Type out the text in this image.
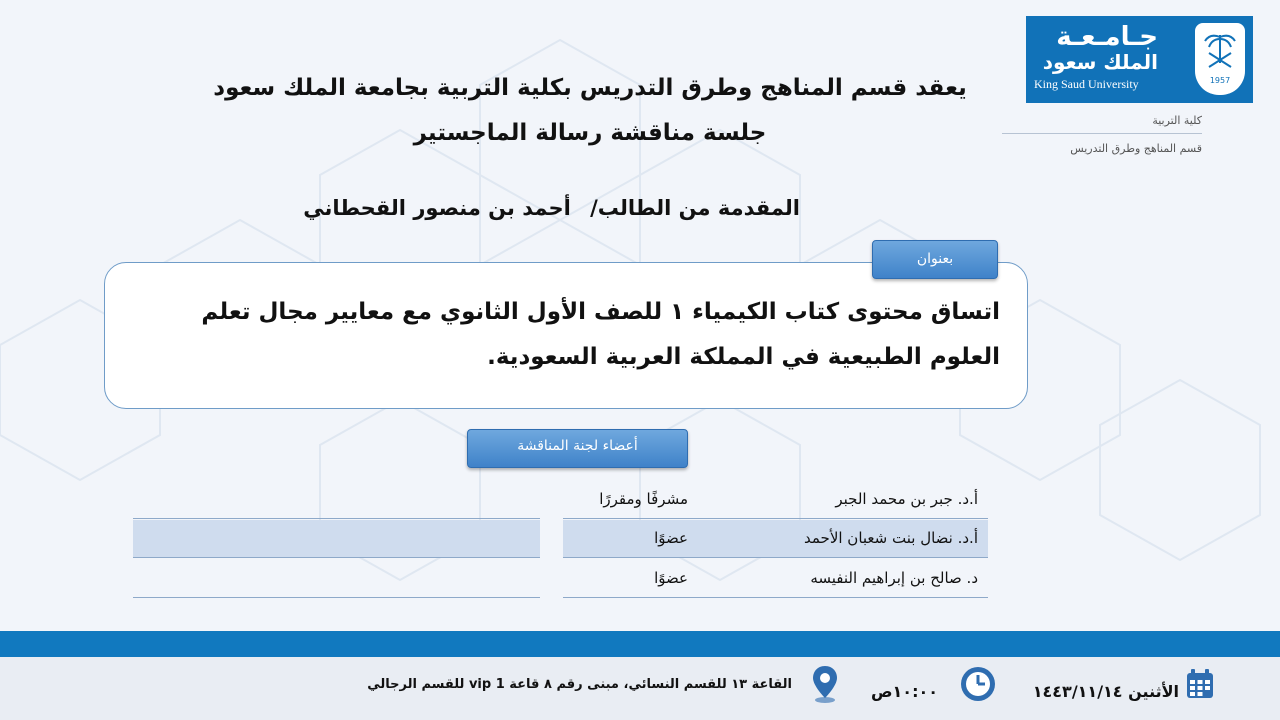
جـامـعـة
الملك سعود
King Saud University	1957
كلية التربية
قسم المناهج وطرق التدريس
يعقد قسم المناهج وطرق التدريس بكلية التربية بجامعة الملك سعود
جلسة مناقشة رسالة الماجستير
المقدمة من الطالب/ أحمد بن منصور القحطاني
اتساق محتوى كتاب الكيمياء ١ للصف الأول الثانوي مع معايير مجال تعلم العلوم الطبيعية في المملكة العربية السعودية.
بعنوان
أعضاء لجنة المناقشة
أ.د. جبر بن محمد الجبر
مشرفًا ومقررًا
أ.د. نضال بنت شعبان الأحمد
عضوًا
د. صالح بن إبراهيم النفيسه
عضوًا
الأثنين ١٤٤٣/١١/١٤
١٠:٠٠ص
القاعة ١٣ للقسم النسائي، مبنى رقم ٨ قاعة vip 1 للقسم الرجالي
